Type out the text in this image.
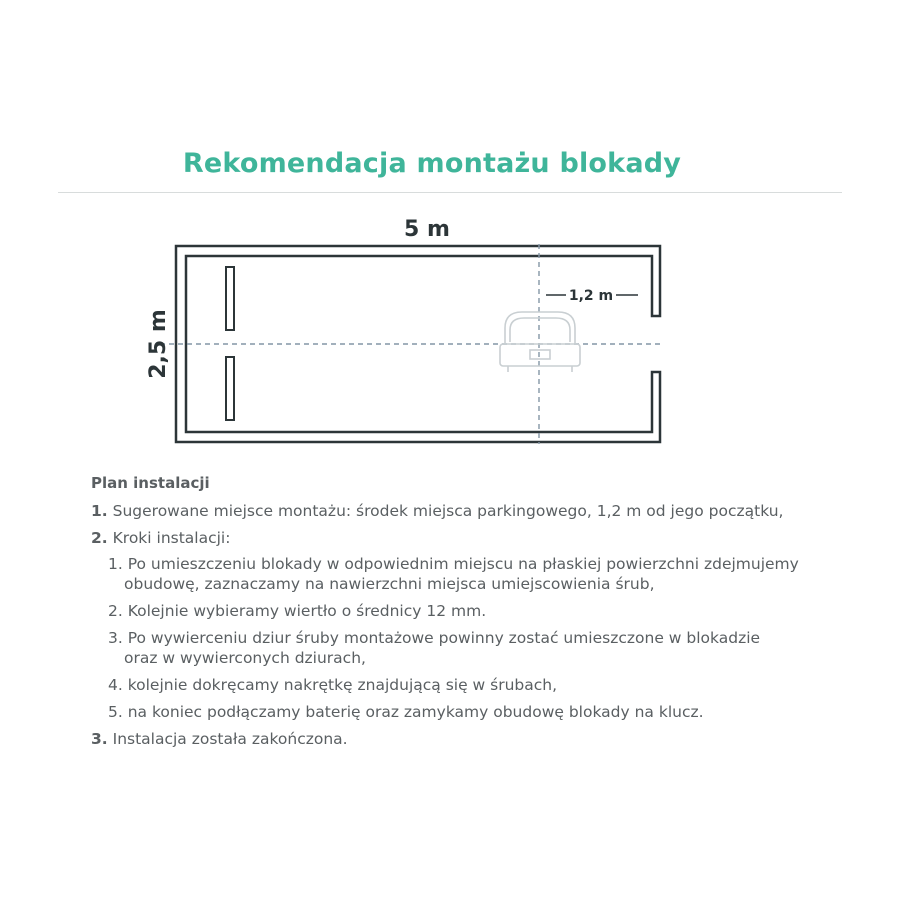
Rekomendacja montażu blokady
5 m
1,2 m
2,5 m
Plan instalacji
1. Sugerowane miejsce montażu: środek miejsca parkingowego, 1,2 m od jego początku,
2. Kroki instalacji:
1. Po umieszczeniu blokady w odpowiednim miejscu na płaskiej powierzchni zdejmujemy
obudowę, zaznaczamy na nawierzchni miejsca umiejscowienia śrub,
2. Kolejnie wybieramy wiertło o średnicy 12 mm.
3. Po wywierceniu dziur śruby montażowe powinny zostać umieszczone w blokadzie
oraz w wywierconych dziurach,
4. kolejnie dokręcamy nakrętkę znajdującą się w śrubach,
5. na koniec podłączamy baterię oraz zamykamy obudowę blokady na klucz.
3. Instalacja została zakończona.
